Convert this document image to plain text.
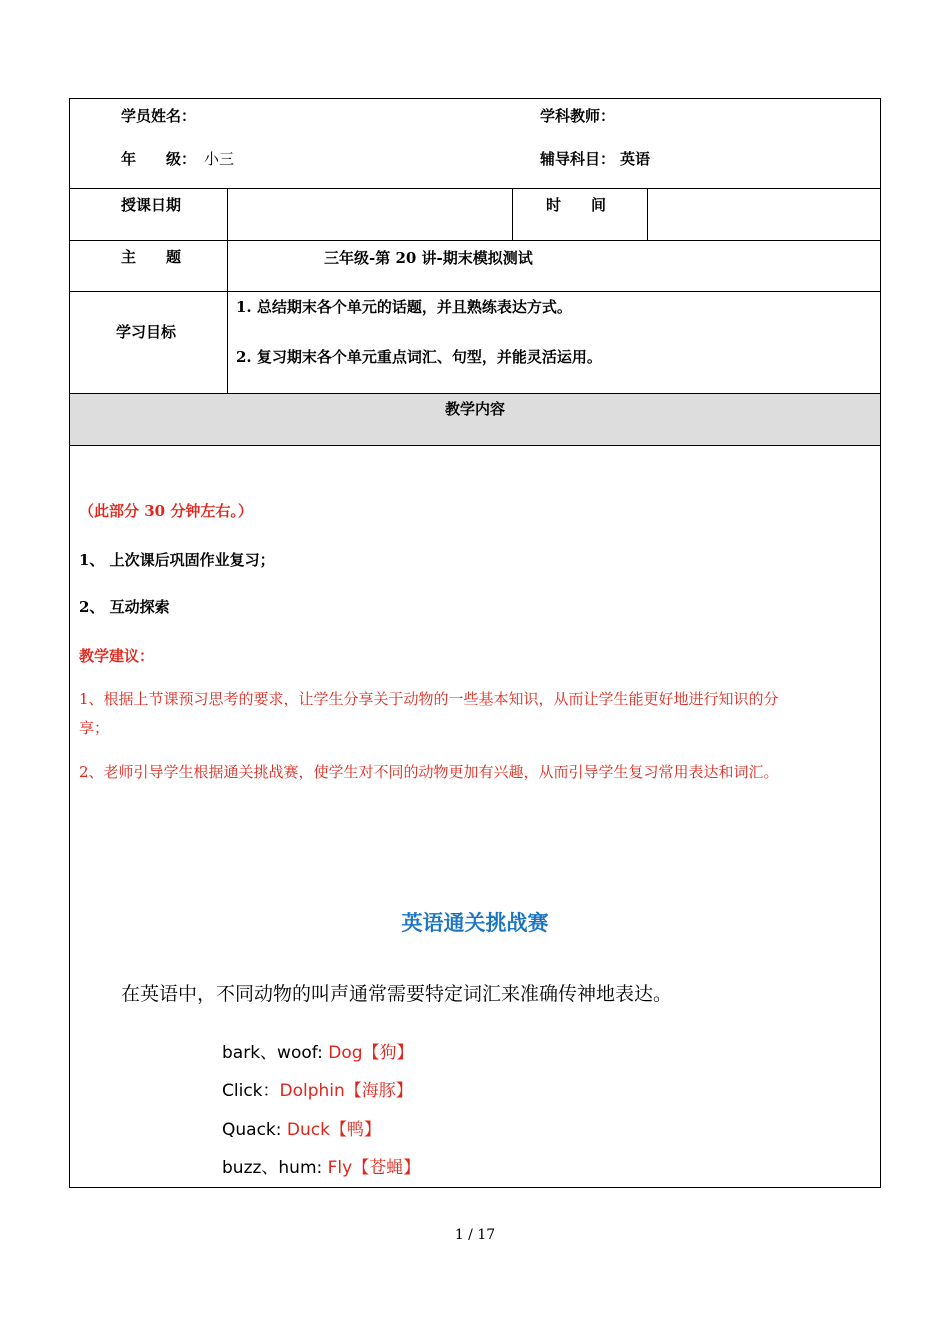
学员姓名：	学科教师：
年　　级： 小三	辅导科目： 英语
授课日期	时　　间
主　　题	三年级-第 20 讲-期末模拟测试
学习目标
1. 总结期末各个单元的话题，并且熟练表达方式。
2. 复习期末各个单元重点词汇、句型，并能灵活运用。
教学内容
（此部分 30 分钟左右。）
1、 上次课后巩固作业复习；
2、 互动探索
教学建议：
1、根据上节课预习思考的要求，让学生分享关于动物的一些基本知识，从而让学生能更好地进行知识的分
享；
2、老师引导学生根据通关挑战赛，使学生对不同的动物更加有兴趣，从而引导学生复习常用表达和词汇。
英语通关挑战赛
在英语中，不同动物的叫声通常需要特定词汇来准确传神地表达。
bark、woof: Dog【狗】
Click：Dolphin【海豚】
Quack: Duck【鸭】
buzz、hum: Fly【苍蝇】
1 / 17
